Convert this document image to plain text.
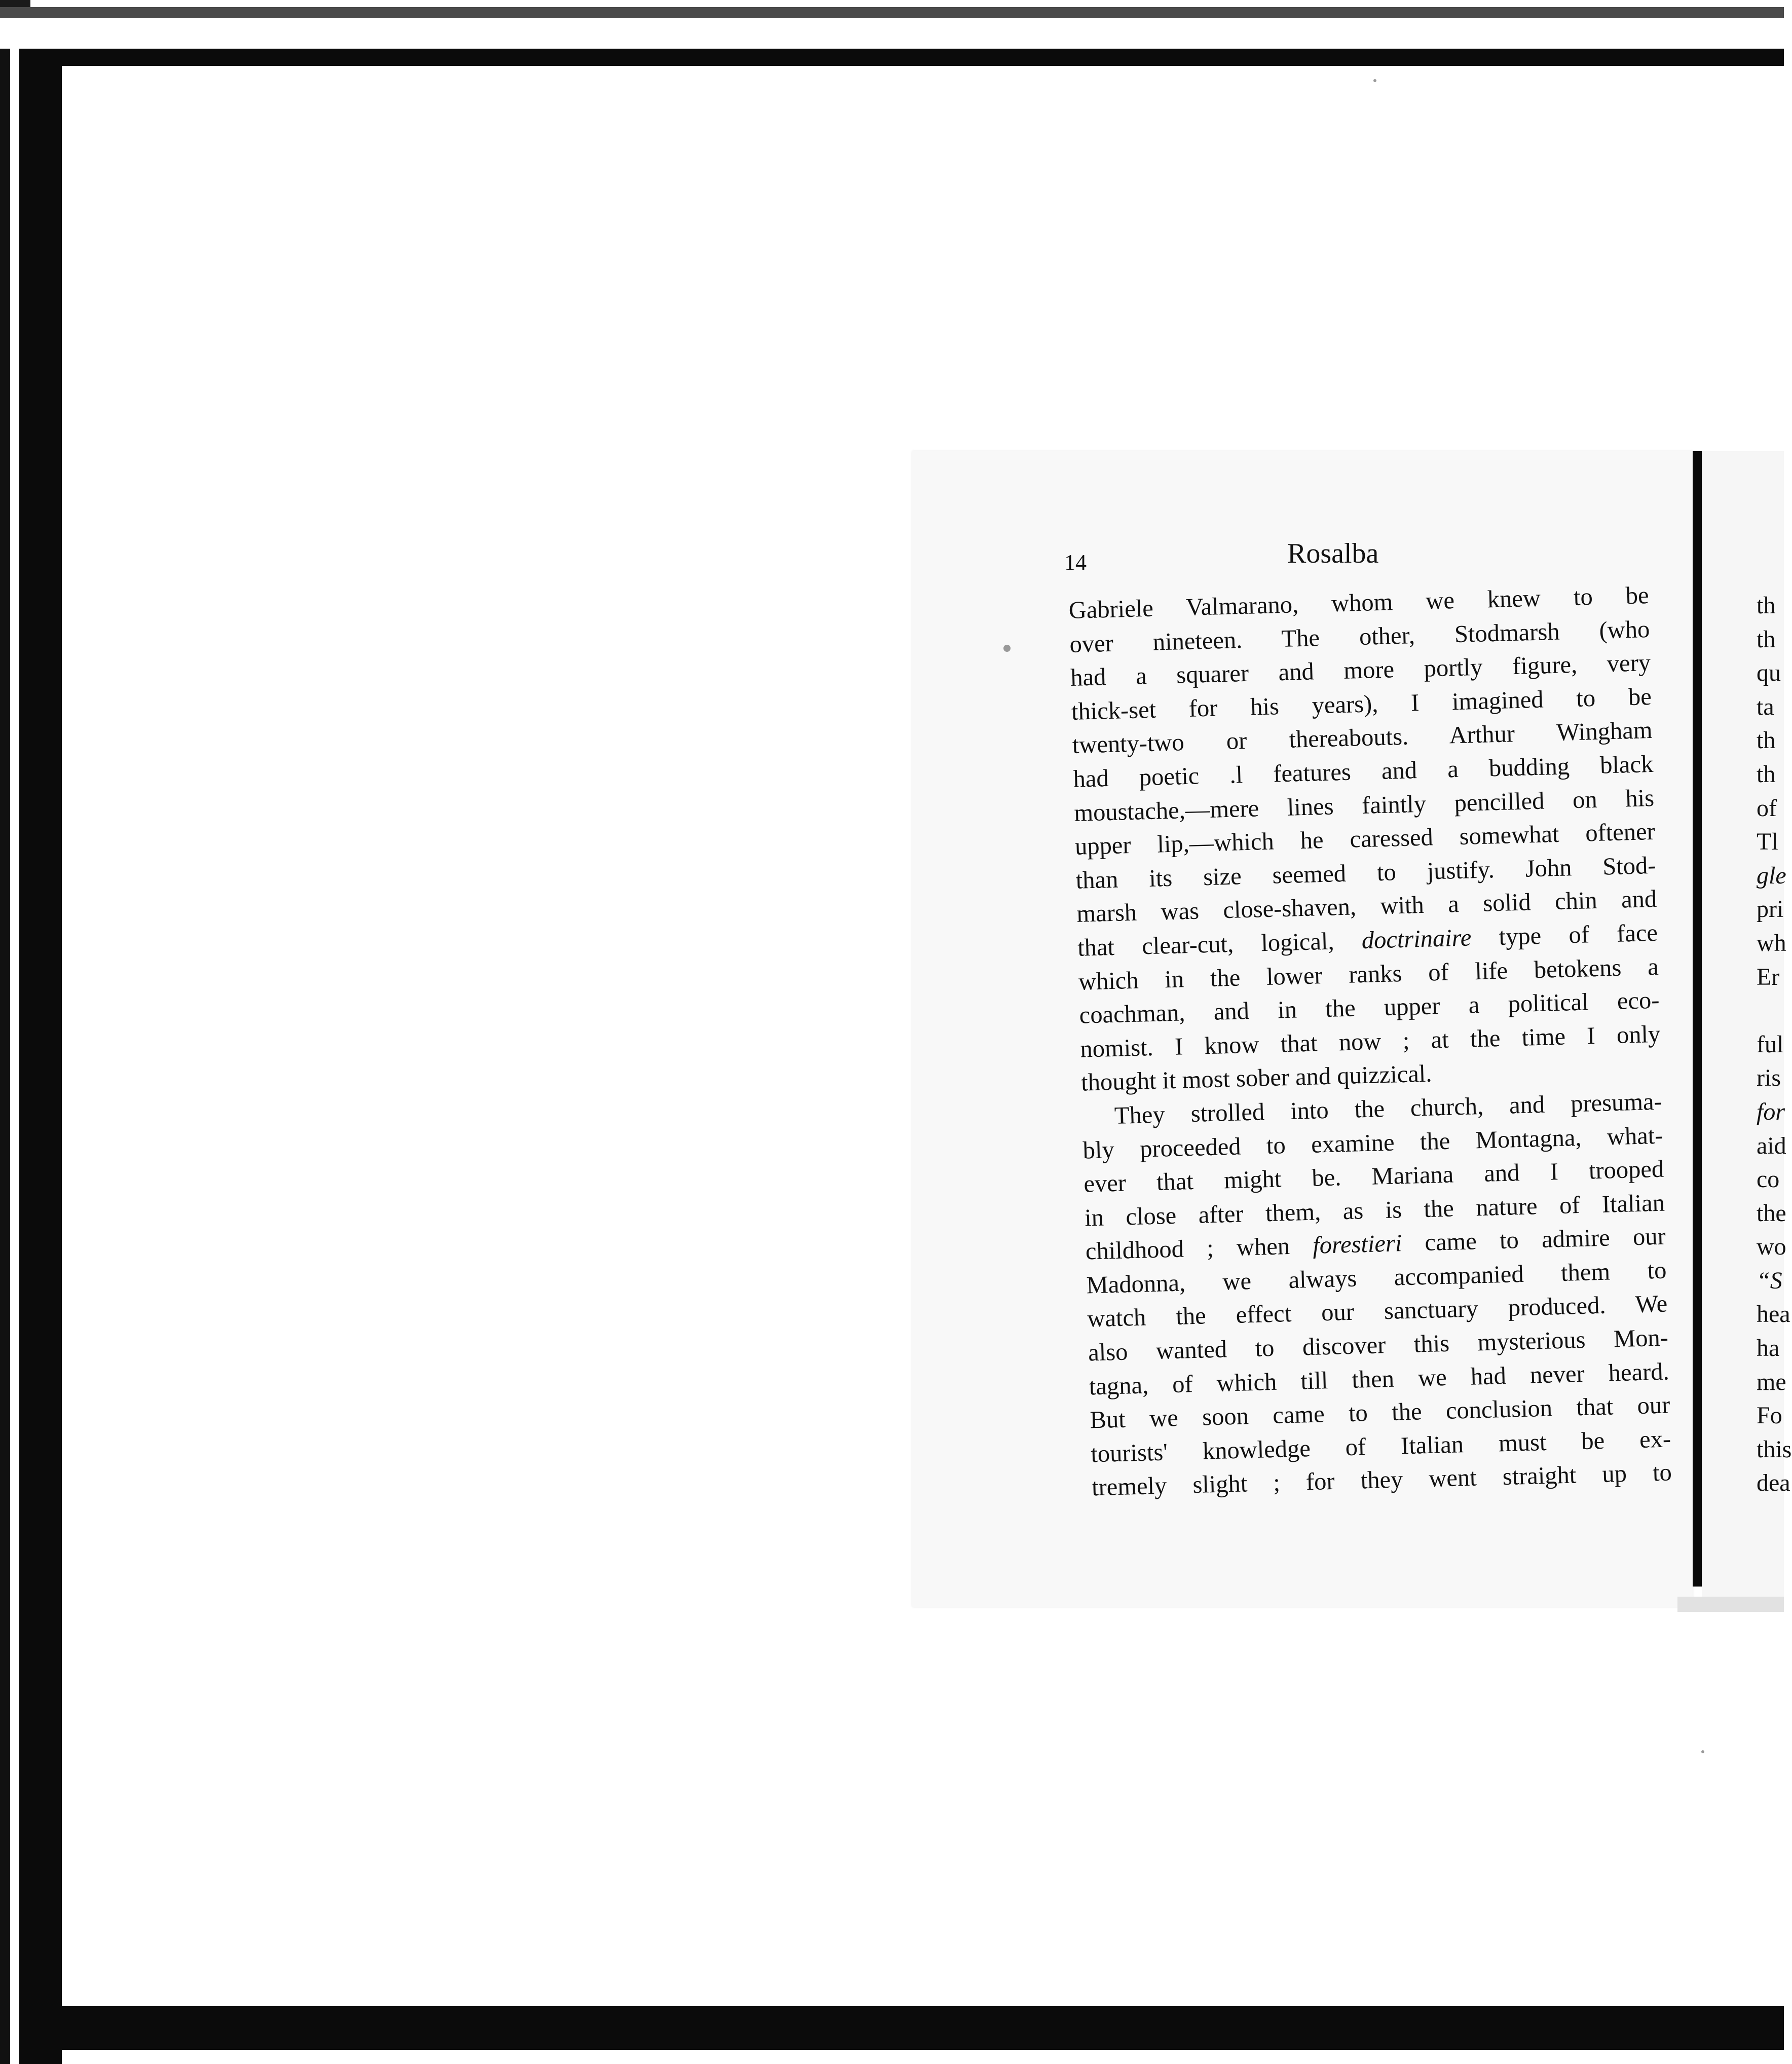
14	Rosalba
Gabriele Valmarano, whom we knew to be
over nineteen. The other, Stodmarsh (who
had a squarer and more portly figure, very
thick-set for his years), I imagined to be
twenty-two or thereabouts. Arthur Wingham
had poetic .l features and a budding black
moustache,—mere lines faintly pencilled on his
upper lip,—which he caressed somewhat oftener
than its size seemed to justify. John Stod-
marsh was close-shaven, with a solid chin and
that clear-cut, logical, doctrinaire type of face
which in the lower ranks of life betokens a
coachman, and in the upper a political eco-
nomist. I know that now ; at the time I only
thought it most sober and quizzical.
They strolled into the church, and presuma-
bly proceeded to examine the Montagna, what-
ever that might be. Mariana and I trooped
in close after them, as is the nature of Italian
childhood ; when forestieri came to admire our
Madonna, we always accompanied them to
watch the effect our sanctuary produced. We
also wanted to discover this mysterious Mon-
tagna, of which till then we had never heard.
But we soon came to the conclusion that our
tourists' knowledge of Italian must be ex-
tremely slight ; for they went straight up to
th
th
qu
ta
th
th
of
Tl
gle
pri
wh
Er
ful
ris
for
aid
co
the
wo
“S
hea
ha
me
Fo
this
dea
